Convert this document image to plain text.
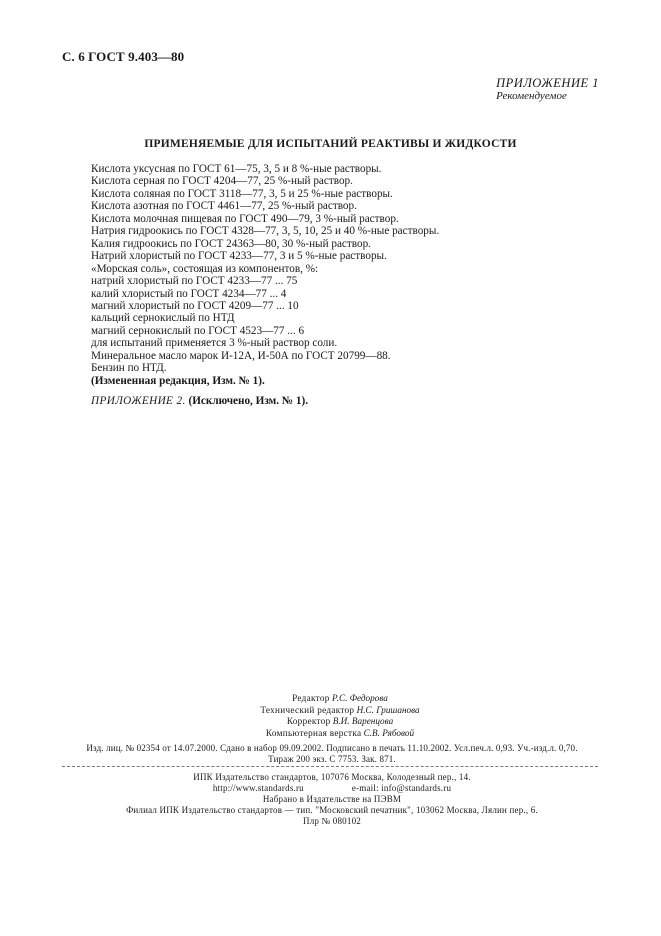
С. 6 ГОСТ 9.403—80
ПРИЛОЖЕНИЕ 1
Рекомендуемое
ПРИМЕНЯЕМЫЕ ДЛЯ ИСПЫТАНИЙ РЕАКТИВЫ И ЖИДКОСТИ
Кислота уксусная по ГОСТ 61—75, 3, 5 и 8 %-ные растворы.
Кислота серная по ГОСТ 4204—77, 25 %-ный раствор.
Кислота соляная по ГОСТ 3118—77, 3, 5 и 25 %-ные растворы.
Кислота азотная по ГОСТ 4461—77, 25 %-ный раствор.
Кислота молочная пищевая по ГОСТ 490—79, 3 %-ный раствор.
Натрия гидроокись по ГОСТ 4328—77, 3, 5, 10, 25 и 40 %-ные растворы.
Калия гидроокись по ГОСТ 24363—80, 30 %-ный раствор.
Натрий хлористый по ГОСТ 4233—77, 3 и 5 %-ные растворы.
«Морская соль», состоящая из компонентов, %:
натрий хлористый по ГОСТ 4233—77 ... 75
калий хлористый по ГОСТ 4234—77 ... 4
магний хлористый по ГОСТ 4209—77 ... 10
кальций сернокислый по НТД
магний сернокислый по ГОСТ 4523—77 ... 6
для испытаний применяется 3 %-ный раствор соли.
Минеральное масло марок И-12А, И-50А по ГОСТ 20799—88.
Бензин по НТД.
(Измененная редакция, Изм. № 1).
ПРИЛОЖЕНИЕ 2. (Исключено, Изм. № 1).
Редактор Р.С. Федорова
Технический редактор Н.С. Гришанова
Корректор В.И. Варенцова
Компьютерная верстка С.В. Рябовой
Изд. лиц. № 02354 от 14.07.2000. Сдано в набор 09.09.2002. Подписано в печать 11.10.2002. Усл.печ.л. 0,93. Уч.-изд.л. 0,70.
Тираж 200 экз. С 7753. Зак. 871.
ИПК Издательство стандартов, 107076 Москва, Колодезный пер., 14.
http://www.standards.ru	e-mail: info@standards.ru
Набрано в Издательстве на ПЭВМ
Филиал ИПК Издательство стандартов — тип. "Московский печатник", 103062 Москва, Лялин пер., 6.
Плр № 080102
